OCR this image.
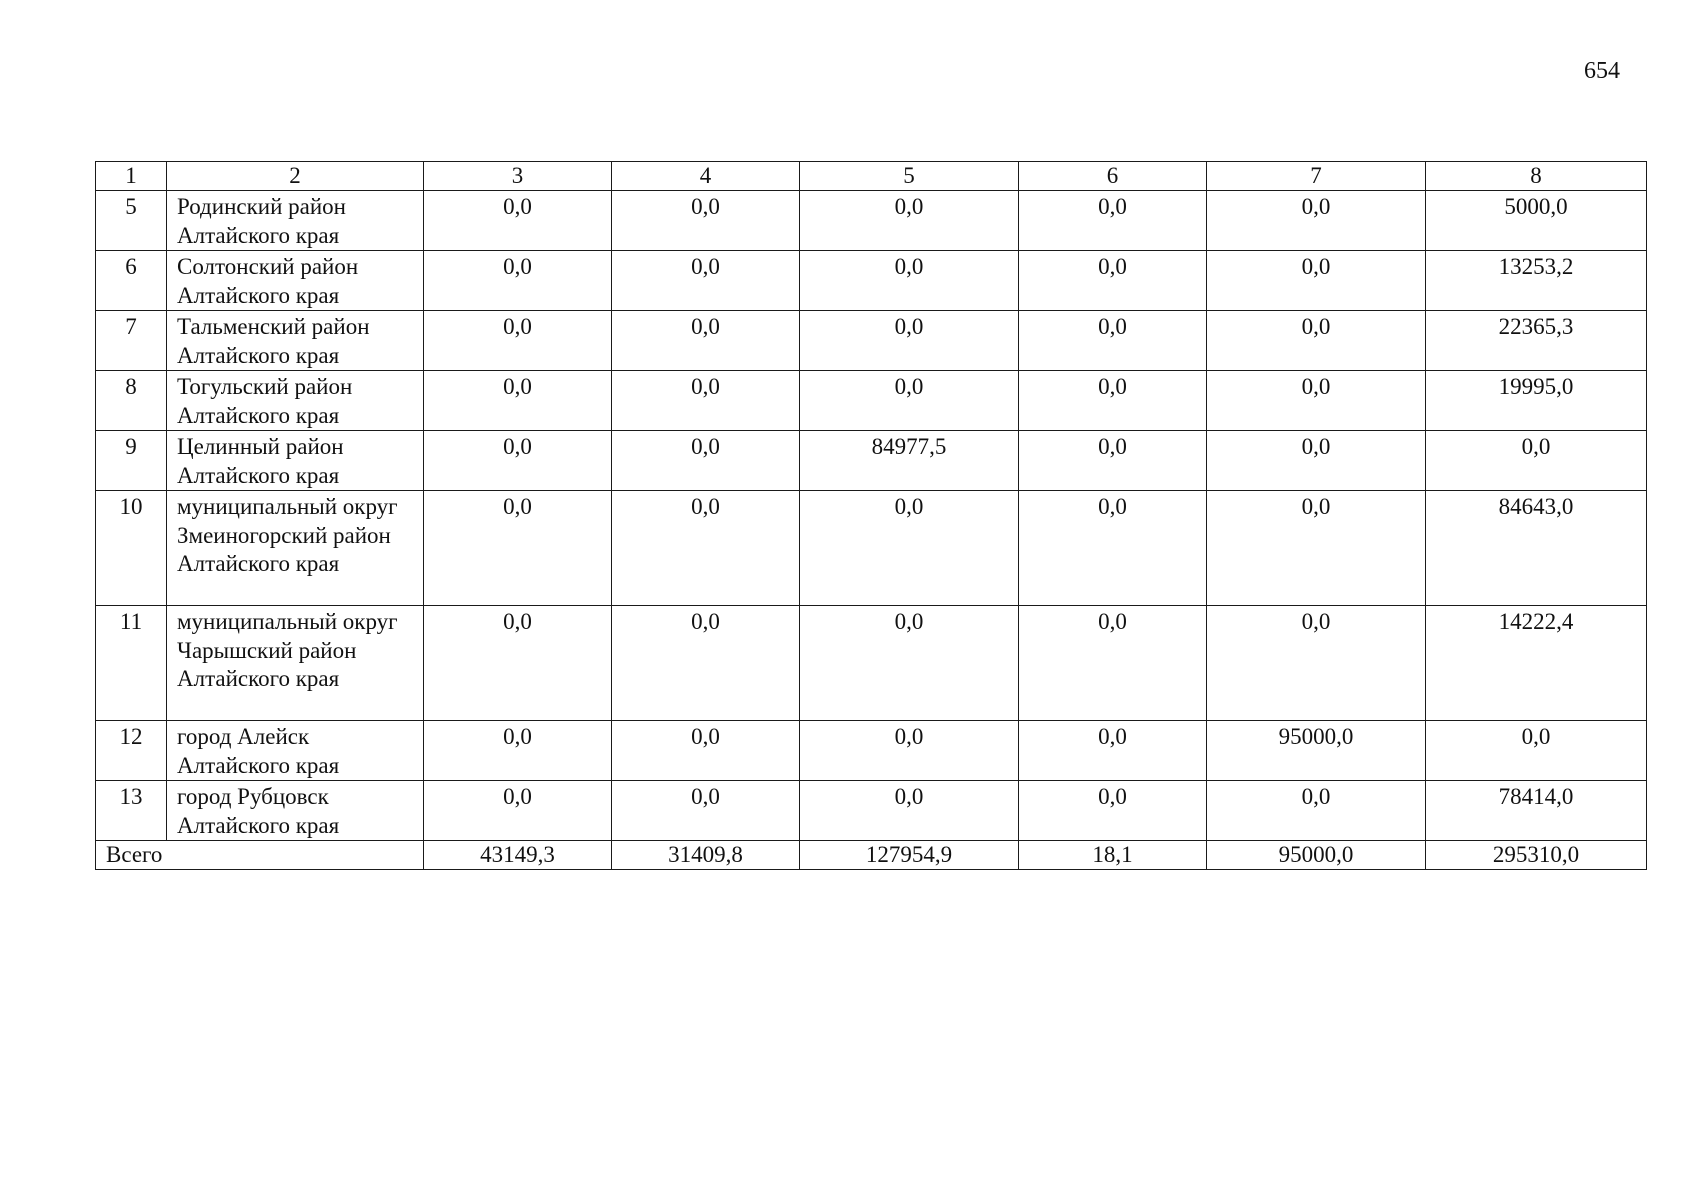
654
1	2	3	4	5	6	7	8
5	Родинский район Алтайского края	0,0	0,0	0,0	0,0	0,0	5000,0
6	Солтонский район Алтайского края	0,0	0,0	0,0	0,0	0,0	13253,2
7	Тальменский район Алтайского края	0,0	0,0	0,0	0,0	0,0	22365,3
8	Тогульский район Алтайского края	0,0	0,0	0,0	0,0	0,0	19995,0
9	Целинный район Алтайского края	0,0	0,0	84977,5	0,0	0,0	0,0
10	муниципальный округ Змеиногорский район Алтайского края	0,0	0,0	0,0	0,0	0,0	84643,0
11	муниципальный округ Чарышский район Алтайского края	0,0	0,0	0,0	0,0	0,0	14222,4
12	город Алейск Алтайского края	0,0	0,0	0,0	0,0	95000,0	0,0
13	город Рубцовск Алтайского края	0,0	0,0	0,0	0,0	0,0	78414,0
Всего		43149,3	31409,8	127954,9	18,1	95000,0	295310,0
